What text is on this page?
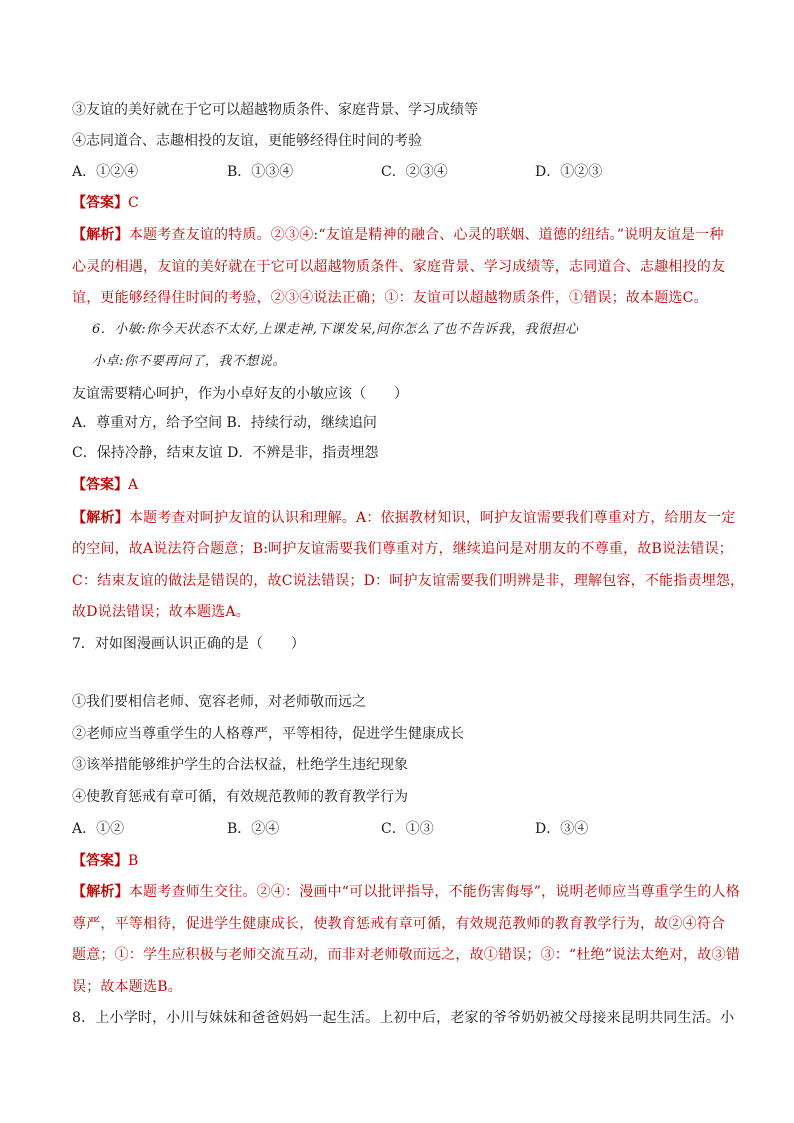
③友谊的美好就在于它可以超越物质条件、家庭背景、学习成绩等
④志同道合、志趣相投的友谊，更能够经得住时间的考验
A．①②④	B．①③④	C．②③④	D．①②③
【答案】C
【解析】本题考查友谊的特质。②③④:“友谊是精神的融合、心灵的联姻、道德的纽结。”说明友谊是一种
心灵的相遇，友谊的美好就在于它可以超越物质条件、家庭背景、学习成绩等，志同道合、志趣相投的友
谊，更能够经得住时间的考验，②③④说法正确；①：友谊可以超越物质条件，①错误；故本题选C。
6．小敏:你今天状态不太好,上课走神,下课发呆,问你怎么了也不告诉我，我很担心
小卓:你不要再问了，我不想说。
友谊需要精心呵护，作为小卓好友的小敏应该（　　）
A．尊重对方，给予空间 B．持续行动，继续追问
C．保持冷静，结束友谊 D．不辨是非，指责埋怨
【答案】A
【解析】本题考查对呵护友谊的认识和理解。A：依据教材知识，呵护友谊需要我们尊重对方，给朋友一定
的空间，故A说法符合题意；B:呵护友谊需要我们尊重对方，继续追问是对朋友的不尊重，故B说法错误；
C：结束友谊的做法是错误的，故C说法错误；D：呵护友谊需要我们明辨是非，理解包容，不能指责埋怨，
故D说法错误；故本题选A。
7．对如图漫画认识正确的是（　　）
①我们要相信老师、宽容老师，对老师敬而远之
②老师应当尊重学生的人格尊严，平等相待，促进学生健康成长
③该举措能够维护学生的合法权益，杜绝学生违纪现象
④使教育惩戒有章可循，有效规范教师的教育教学行为
A．①②	B．②④	C．①③	D．③④
【答案】B
【解析】本题考查师生交往。②④：漫画中“可以批评指导，不能伤害侮辱”，说明老师应当尊重学生的人格
尊严，平等相待，促进学生健康成长，使教育惩戒有章可循，有效规范教师的教育教学行为，故②④符合
题意；①：学生应积极与老师交流互动，而非对老师敬而远之，故①错误；③：“杜绝”说法太绝对，故③错
误；故本题选B。
8．上小学时，小川与妹妹和爸爸妈妈一起生活。上初中后，老家的爷爷奶奶被父母接来昆明共同生活。小
